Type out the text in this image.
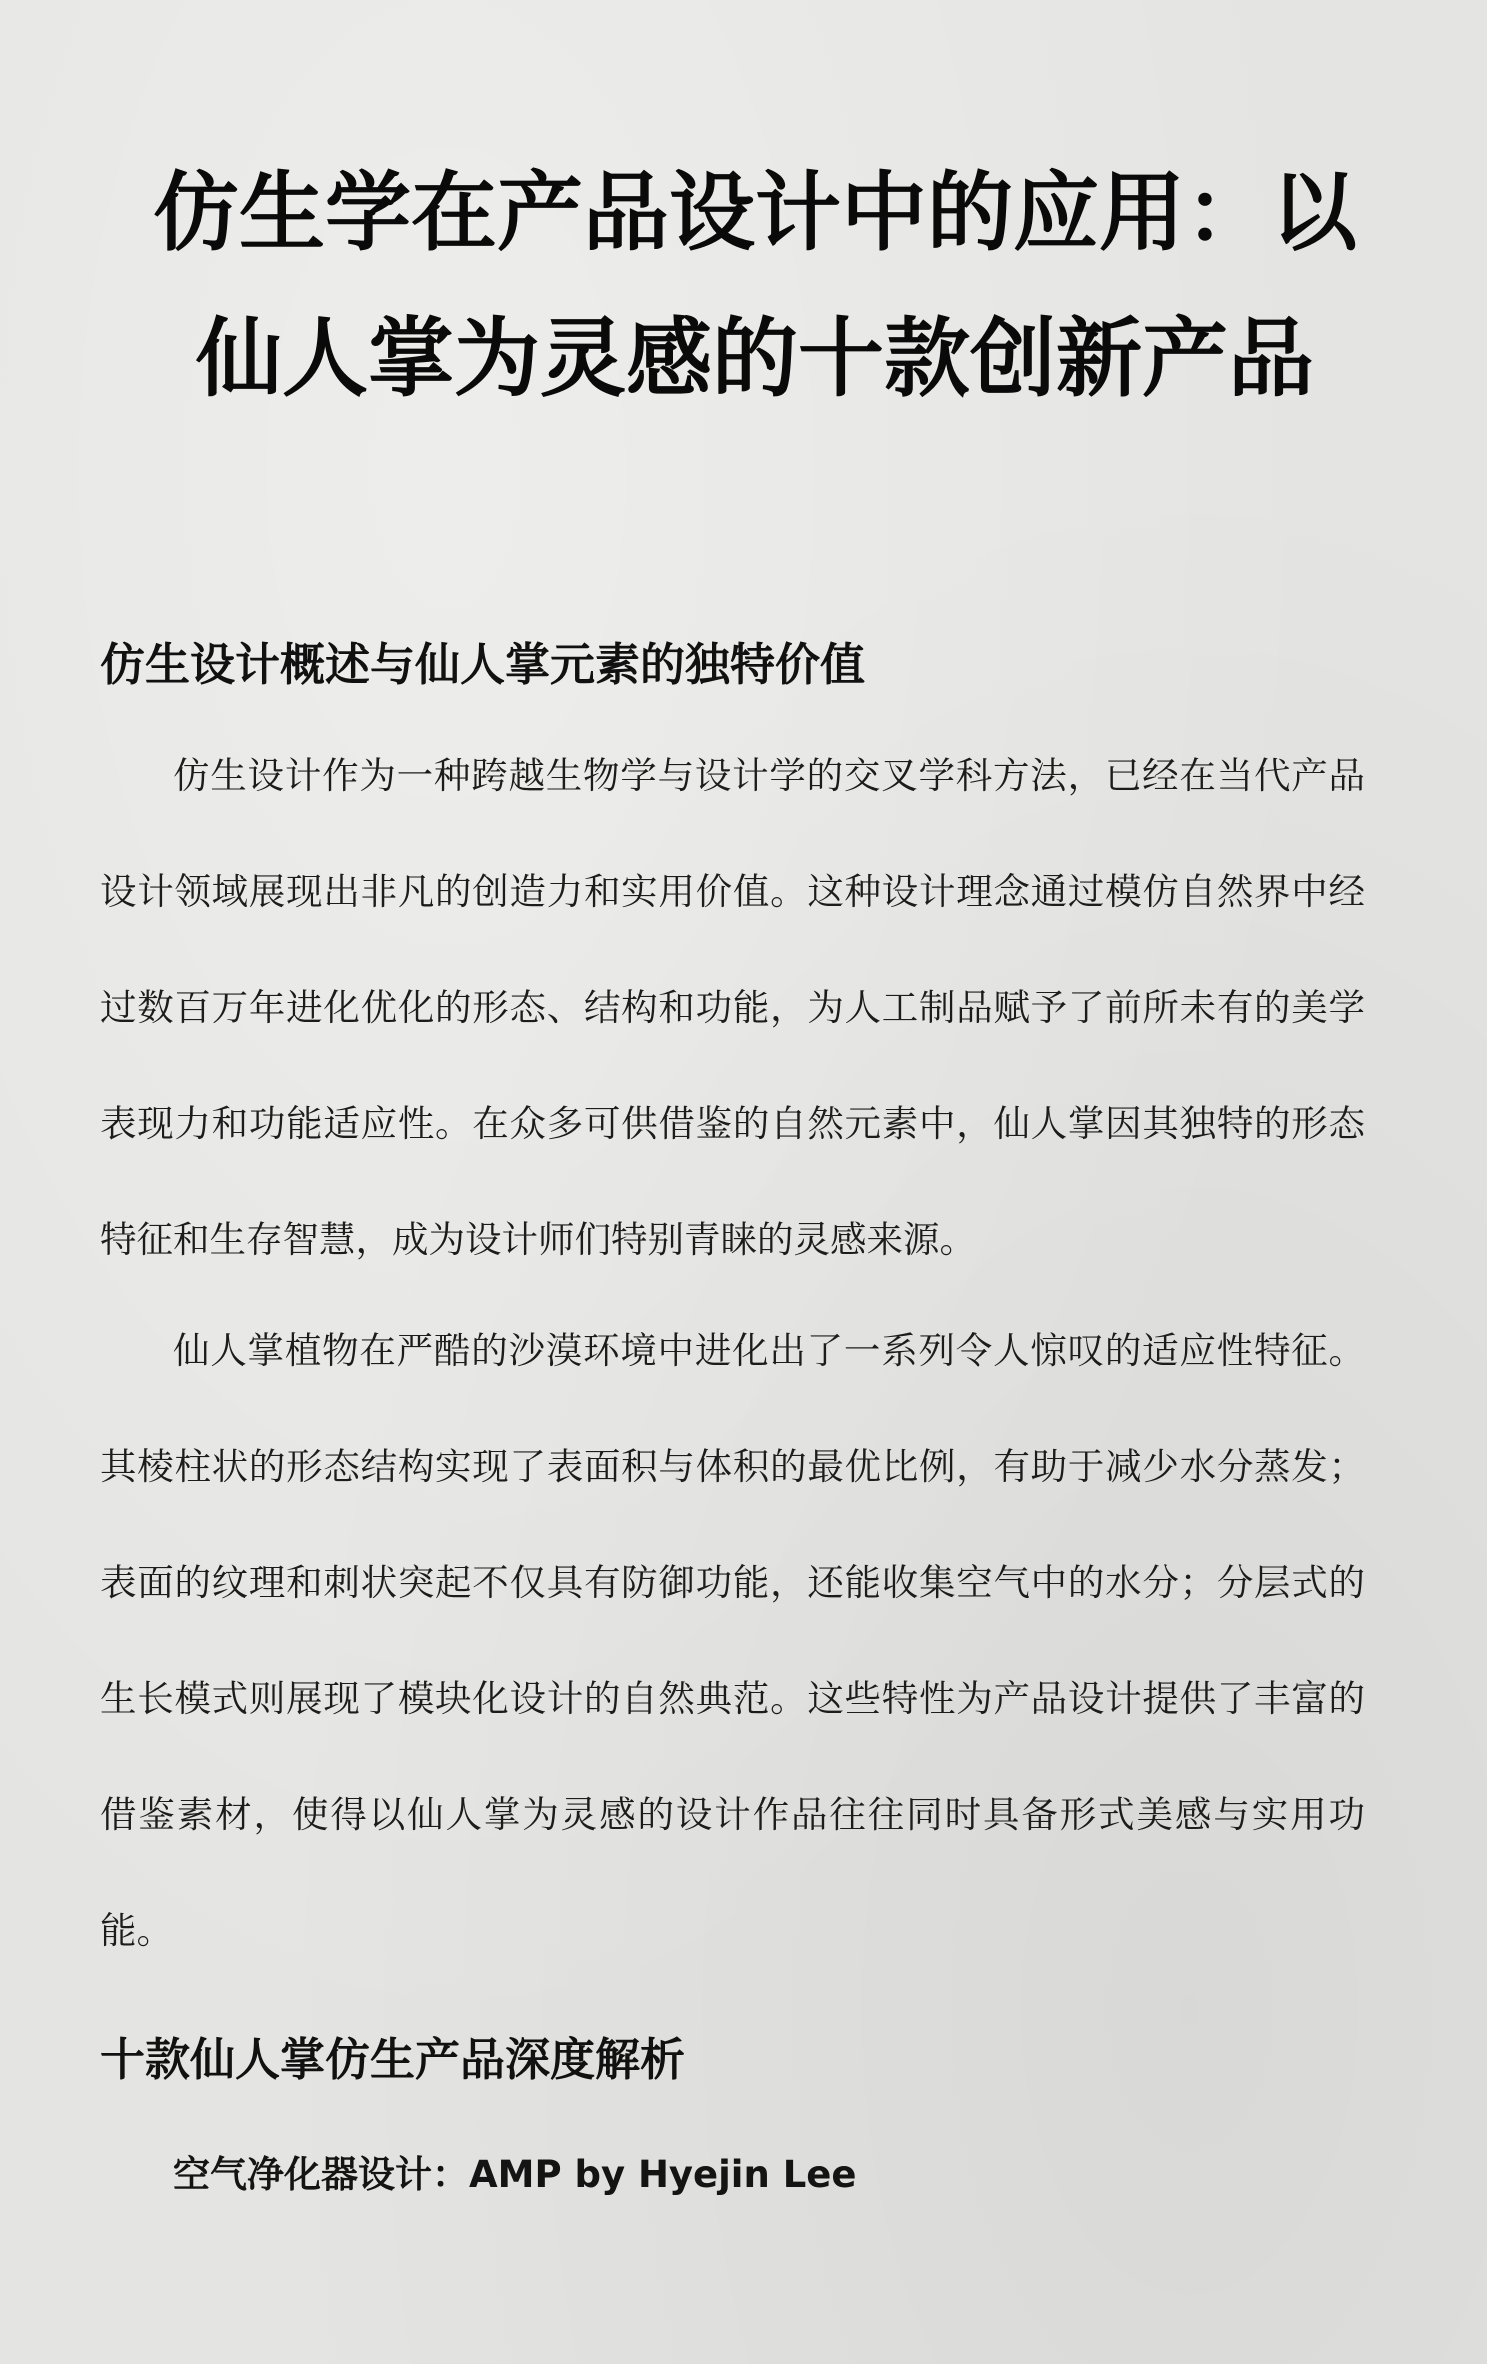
仿生学在产品设计中的应用：以仙人掌为灵感的十款创新产品
仿生设计概述与仙人掌元素的独特价值

仿生设计作为一种跨越生物学与设计学的交叉学科方法，已经在当代产品设计领域展现出非凡的创造力和实用价值。这种设计理念通过模仿自然界中经过数百万年进化优化的形态、结构和功能，为人工制品赋予了前所未有的美学表现力和功能适应性。在众多可供借鉴的自然元素中，仙人掌因其独特的形态特征和生存智慧，成为设计师们特别青睐的灵感来源。

仙人掌植物在严酷的沙漠环境中进化出了一系列令人惊叹的适应性特征。其棱柱状的形态结构实现了表面积与体积的最优比例，有助于减少水分蒸发；表面的纹理和刺状突起不仅具有防御功能，还能收集空气中的水分；分层式的生长模式则展现了模块化设计的自然典范。这些特性为产品设计提供了丰富的借鉴素材，使得以仙人掌为灵感的设计作品往往同时具备形式美感与实用功能。

十款仙人掌仿生产品深度解析
空气净化器设计：AMP by Hyejin Lee
